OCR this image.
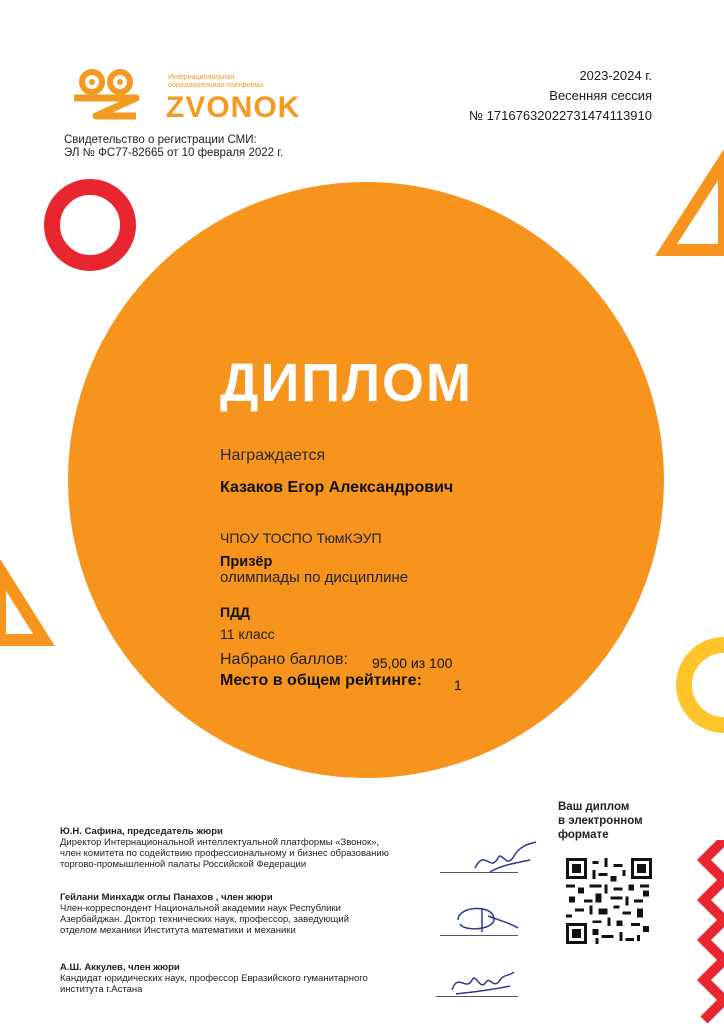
Интернациональная
образовательная платформа
ZVONOK
Свидетельство о регистрации СМИ:
ЭЛ № ФС77-82665 от 10 февраля 2022 г.
2023-2024 г.
Весенняя сессия
№ 17167632022731474113910
ДИПЛОМ
Награждается
Казаков Егор Александрович
ЧПОУ ТОСПО ТюмКЭУП
Призёр
олимпиады по дисциплине
ПДД
11 класс
Набрано баллов: 95,00 из 100
Место в общем рейтинге: 1
Ю.Н. Сафина, председатель жюри
Директор Интернациональной интеллектуальной платформы «Звонок»,
член комитета по содействию профессиональному и бизнес образованию
торгово-промышленной палаты Российской Федерации
Гейлани Минхадж оглы Панахов , член жюри
Член-корреспондент Национальной академии наук Республики
Азербайджан. Доктор технических наук, профессор, заведующий
отделом механики Института математики и механики
А.Ш. Аккулев, член жюри
Кандидат юридических наук, профессор Евразийского гуманитарного
института г.Астана
Ваш диплом
в электронном
формате
